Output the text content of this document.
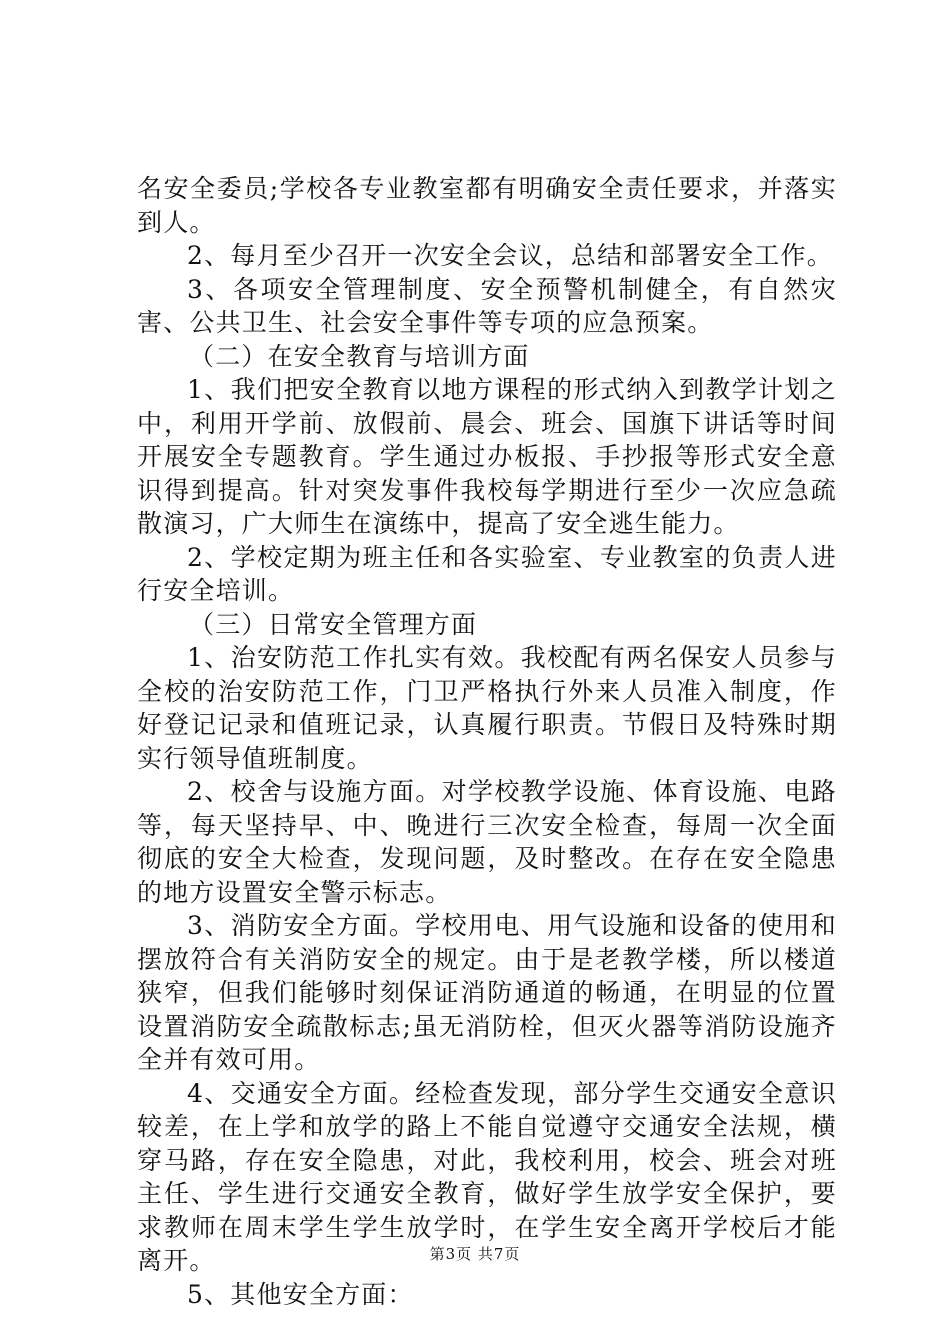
名安全委员;学校各专业教室都有明确安全责任要求，并落实到人。

2、每月至少召开一次安全会议，总结和部署安全工作。

3、各项安全管理制度、安全预警机制健全，有自然灾害、公共卫生、社会安全事件等专项的应急预案。

（二）在安全教育与培训方面

1、我们把安全教育以地方课程的形式纳入到教学计划之中，利用开学前、放假前、晨会、班会、国旗下讲话等时间开展安全专题教育。学生通过办板报、手抄报等形式安全意识得到提高。针对突发事件我校每学期进行至少一次应急疏散演习，广大师生在演练中，提高了安全逃生能力。

2、学校定期为班主任和各实验室、专业教室的负责人进行安全培训。

（三）日常安全管理方面

1、治安防范工作扎实有效。我校配有两名保安人员参与全校的治安防范工作，门卫严格执行外来人员准入制度，作好登记记录和值班记录，认真履行职责。节假日及特殊时期实行领导值班制度。

2、校舍与设施方面。对学校教学设施、体育设施、电路等，每天坚持早、中、晚进行三次安全检查，每周一次全面彻底的安全大检查，发现问题，及时整改。在存在安全隐患的地方设置安全警示标志。

3、消防安全方面。学校用电、用气设施和设备的使用和摆放符合有关消防安全的规定。由于是老教学楼，所以楼道狭窄，但我们能够时刻保证消防通道的畅通，在明显的位置设置消防安全疏散标志;虽无消防栓，但灭火器等消防设施齐全并有效可用。

4、交通安全方面。经检查发现，部分学生交通安全意识较差，在上学和放学的路上不能自觉遵守交通安全法规，横穿马路，存在安全隐患，对此，我校利用，校会、班会对班主任、学生进行交通安全教育，做好学生放学安全保护，要求教师在周末学生学生放学时，在学生安全离开学校后才能离开。

5、其他安全方面：

第3页 共7页
